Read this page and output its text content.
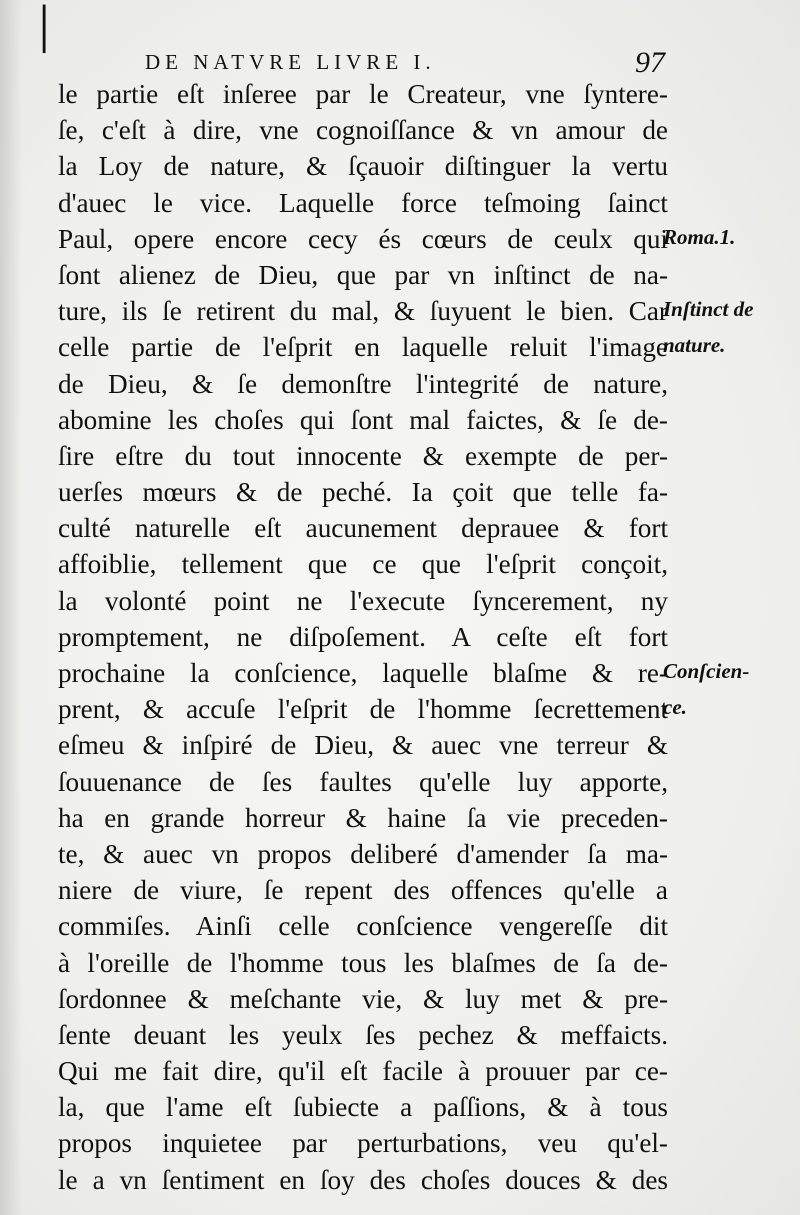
│
DE NATVRE LIVRE I.	97
le partie eſt inſeree par le Createur, vne ſyntere-
ſe, c'eſt à dire, vne cognoiſſance & vn amour de
la Loy de nature, & ſçauoir diſtinguer la vertu
d'auec le vice. Laquelle force teſmoing ſainct
Paul, opere encore cecy és cœurs de ceulx qui
ſont alienez de Dieu, que par vn inſtinct de na-
ture, ils ſe retirent du mal, & ſuyuent le bien. Car
celle partie de l'eſprit en laquelle reluit l'image
de Dieu, & ſe demonſtre l'integrité de nature,
abomine les choſes qui ſont mal faictes, & ſe de-
ſire eſtre du tout innocente & exempte de per-
uerſes mœurs & de peché. Ia çoit que telle fa-
culté naturelle eſt aucunement deprauee & fort
affoiblie, tellement que ce que l'eſprit conçoit,
la volonté point ne l'execute ſyncerement, ny
promptement, ne diſpoſement. A ceſte eſt fort
prochaine la conſcience, laquelle blaſme & re-
prent, & accuſe l'eſprit de l'homme ſecrettement
eſmeu & inſpiré de Dieu, & auec vne terreur &
ſouuenance de ſes faultes qu'elle luy apporte,
ha en grande horreur & haine ſa vie preceden-
te, & auec vn propos deliberé d'amender ſa ma-
niere de viure, ſe repent des offences qu'elle a
commiſes. Ainſi celle conſcience vengereſſe dit
à l'oreille de l'homme tous les blaſmes de ſa de-
ſordonnee & meſchante vie, & luy met & pre-
ſente deuant les yeulx ſes pechez & meffaicts.
Qui me fait dire, qu'il eſt facile à prouuer par ce-
la, que l'ame eſt ſubiecte a paſſions, & à tous
propos inquietee par perturbations, veu qu'el-
le a vn ſentiment en ſoy des choſes douces & des
Roma.1.
Inſtinct de
nature.
Conſcien-
ce.
